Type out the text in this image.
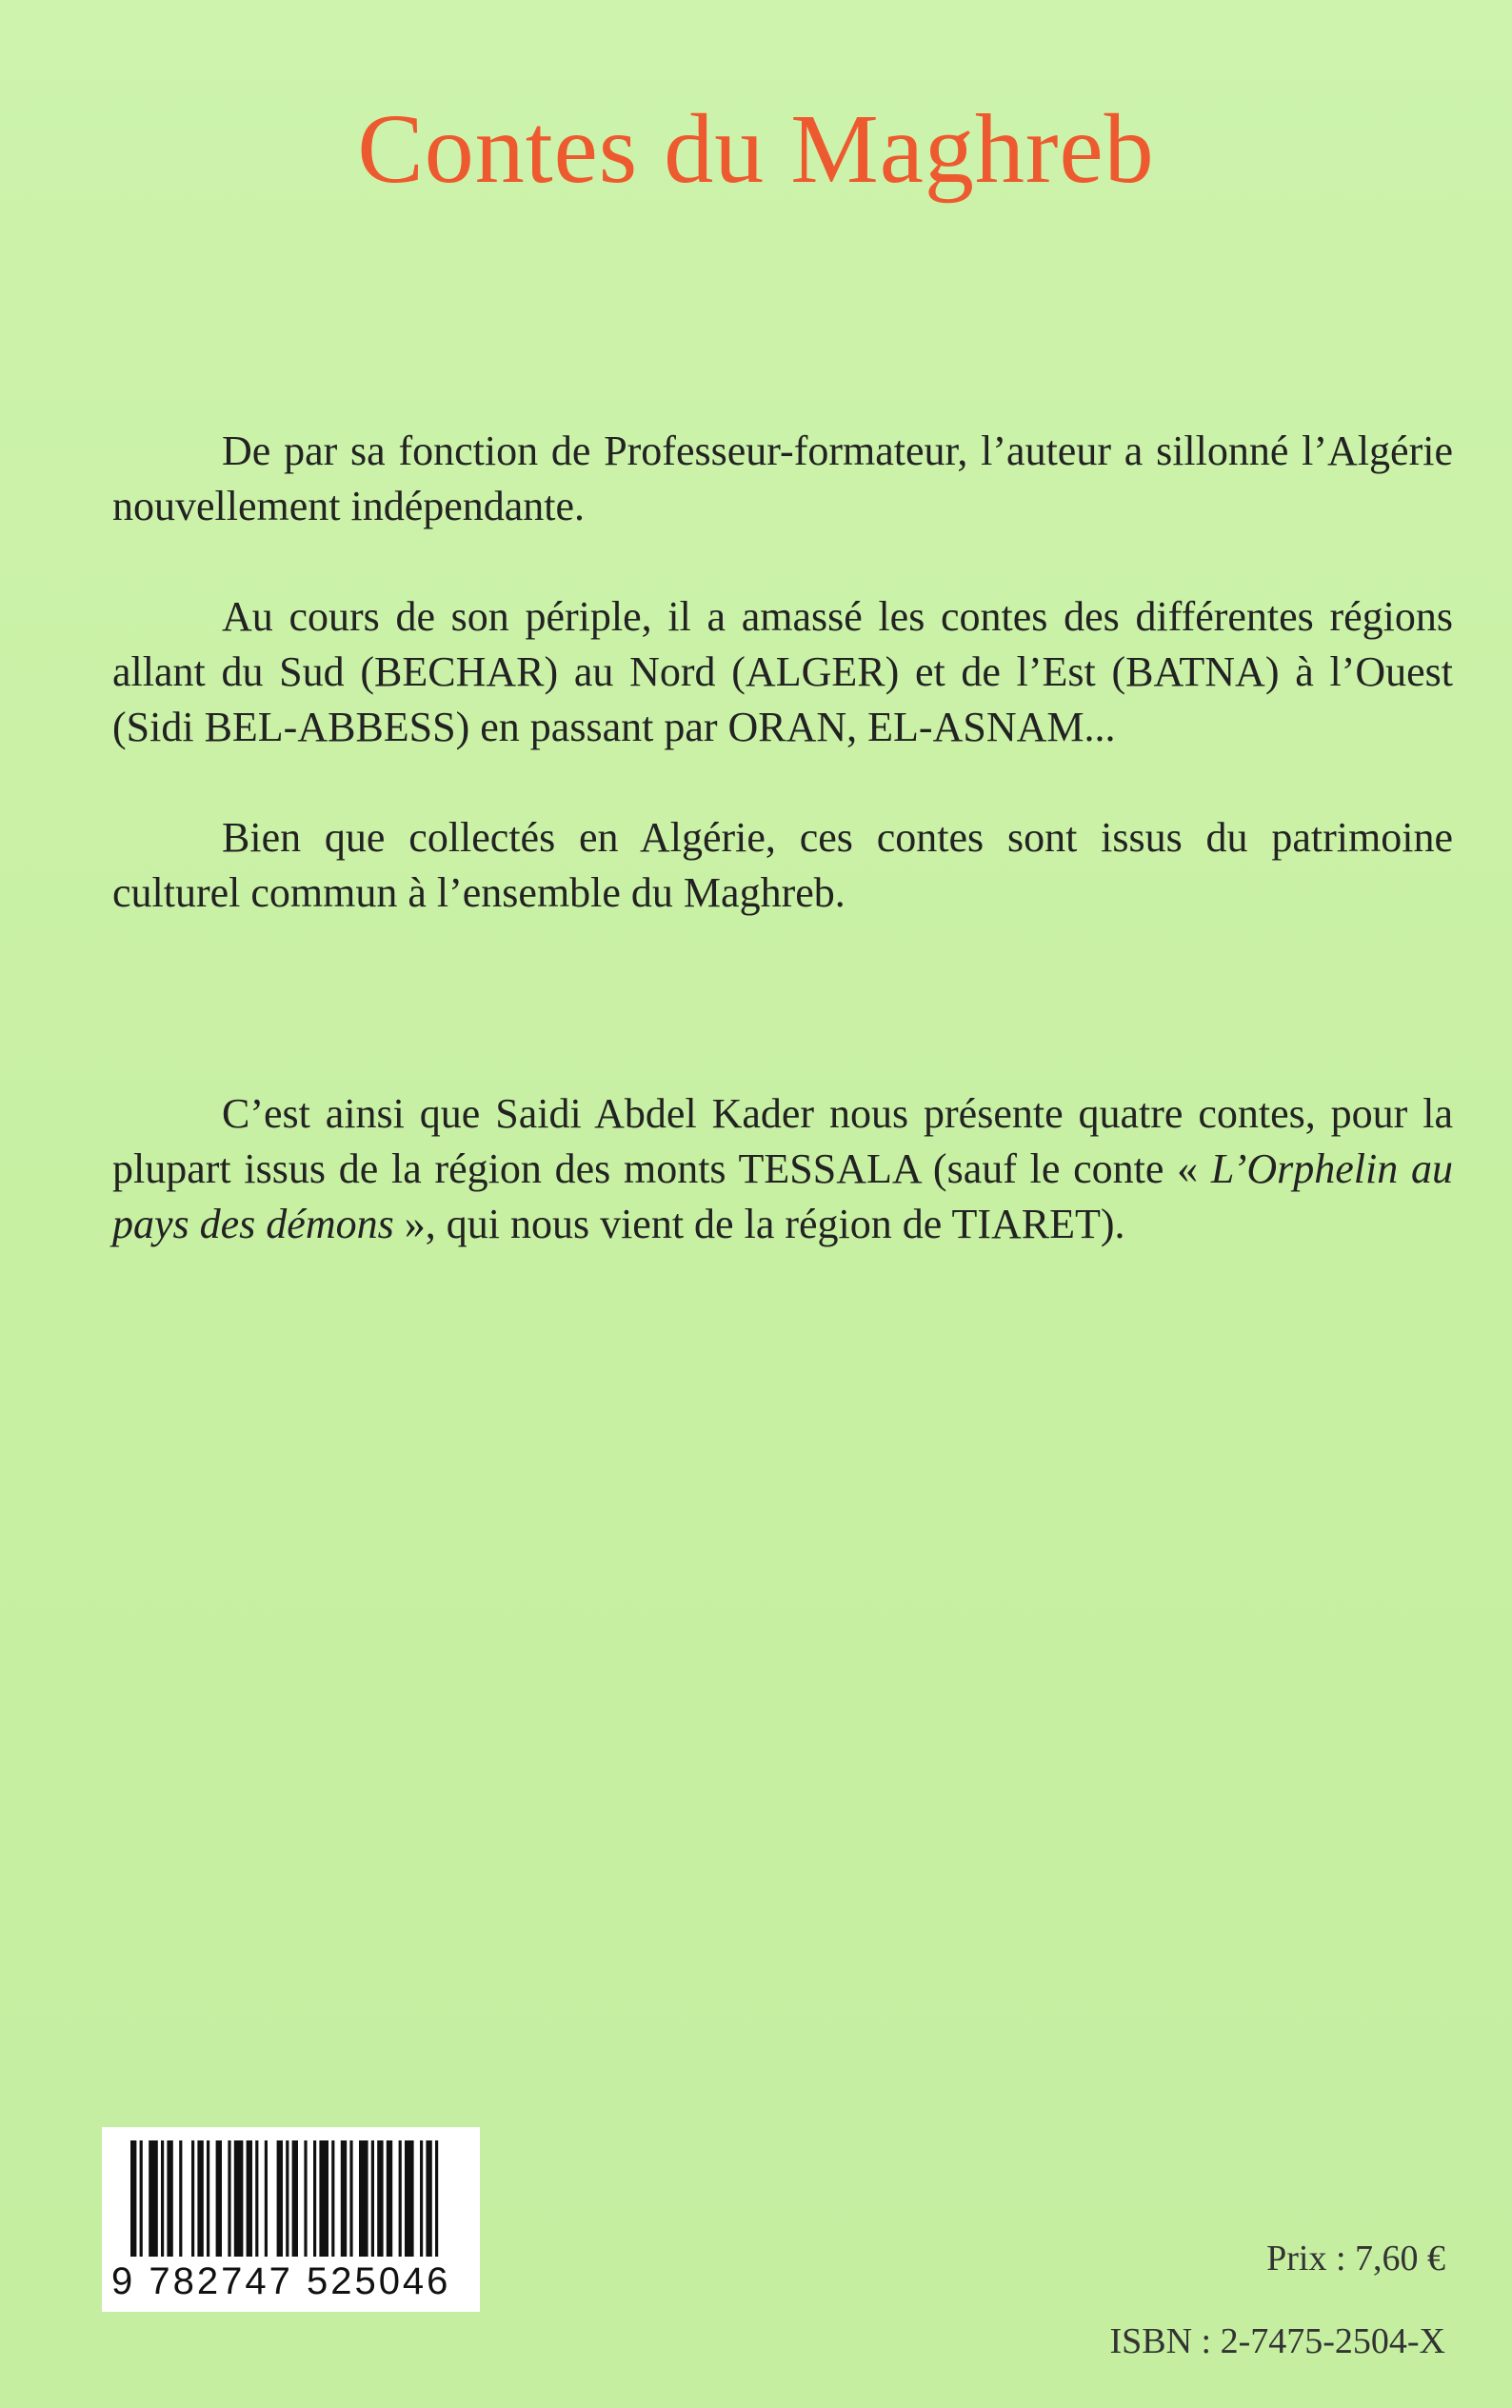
Contes du Maghreb

De par sa fonction de Professeur-formateur, l’auteur a sillonné l’Algérie nouvellement indépendante.

Au cours de son périple, il a amassé les contes des différentes régions allant du Sud (BECHAR) au Nord (ALGER) et de l’Est (BATNA) à l’Ouest (Sidi BEL-ABBESS) en passant par ORAN, EL-ASNAM...

Bien que collectés en Algérie, ces contes sont issus du patrimoine culturel commun à l’ensemble du Maghreb.

C’est ainsi que Saidi Abdel Kader nous présente quatre contes, pour la plupart issus de la région des monts TESSALA (sauf le conte « L’Orphelin au pays des démons », qui nous vient de la région de TIARET).

9 782747 525046
Prix : 7,60 €
ISBN : 2-7475-2504-X
